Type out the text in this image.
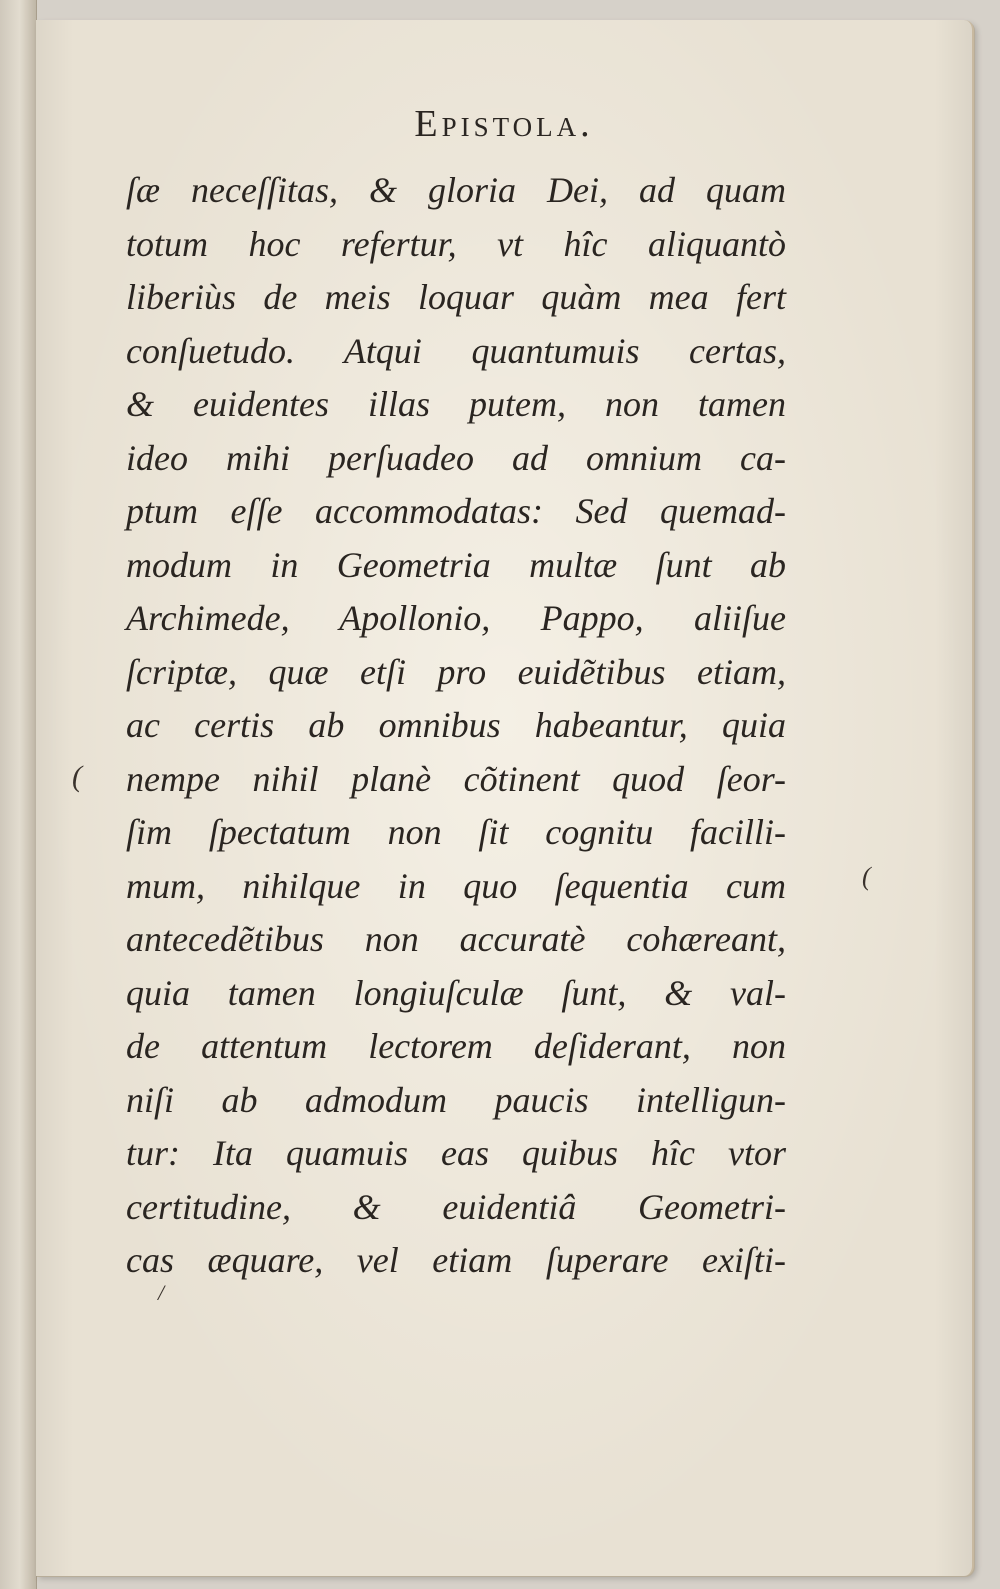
Epistola.
ſæ neceſſitas, & gloria Dei, ad quam
totum hoc refertur, vt hîc aliquantò
liberiùs de meis loquar quàm mea fert
conſuetudo. Atqui quantumuis certas,
& euidentes illas putem, non tamen
ideo mihi perſuadeo ad omnium ca-
ptum eſſe accommodatas: Sed quemad-
modum in Geometria multæ ſunt ab
Archimede, Apollonio, Pappo, aliiſue
ſcriptæ, quæ etſi pro euidẽtibus etiam,
ac certis ab omnibus habeantur, quia
nempe nihil planè cõtinent quod ſeor-
ſim ſpectatum non ſit cognitu facilli-
mum, nihilque in quo ſequentia cum
antecedẽtibus non accuratè cohæreant,
quia tamen longiuſculæ ſunt, & val-
de attentum lectorem deſiderant, non
niſi ab admodum paucis intelligun-
tur: Ita quamuis eas quibus hîc vtor
certitudine, & euidentiâ Geometri-
cas æquare, vel etiam ſuperare exiſti-
/
(
(
